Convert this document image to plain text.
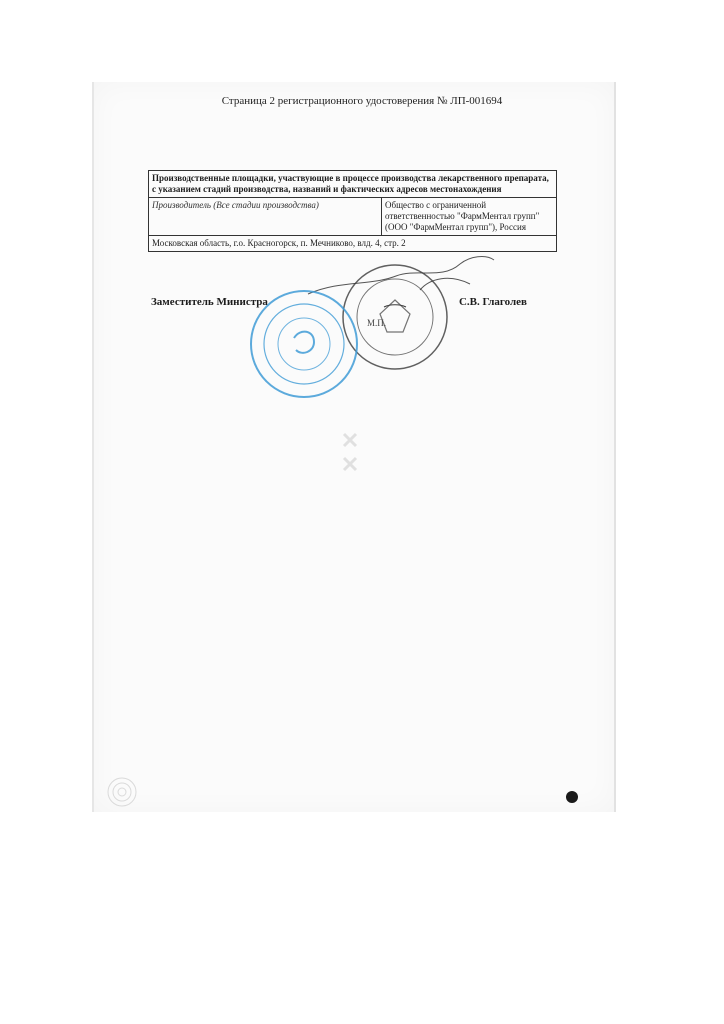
Страница 2 регистрационного удостоверения № ЛП-001694
Производственные площадки, участвующие в процессе производства лекарственного препарата, с указанием стадий производства, названий и фактических адресов местонахождения
Производитель (Все стадии производства)	Общество с ограниченной ответственностью "ФармМентал групп" (ООО "ФармМентал групп"), Россия
Московская область, г.о. Красногорск, п. Мечниково, влд. 4, стр. 2
Заместитель Министра	С.В. Глаголев
М.П.
